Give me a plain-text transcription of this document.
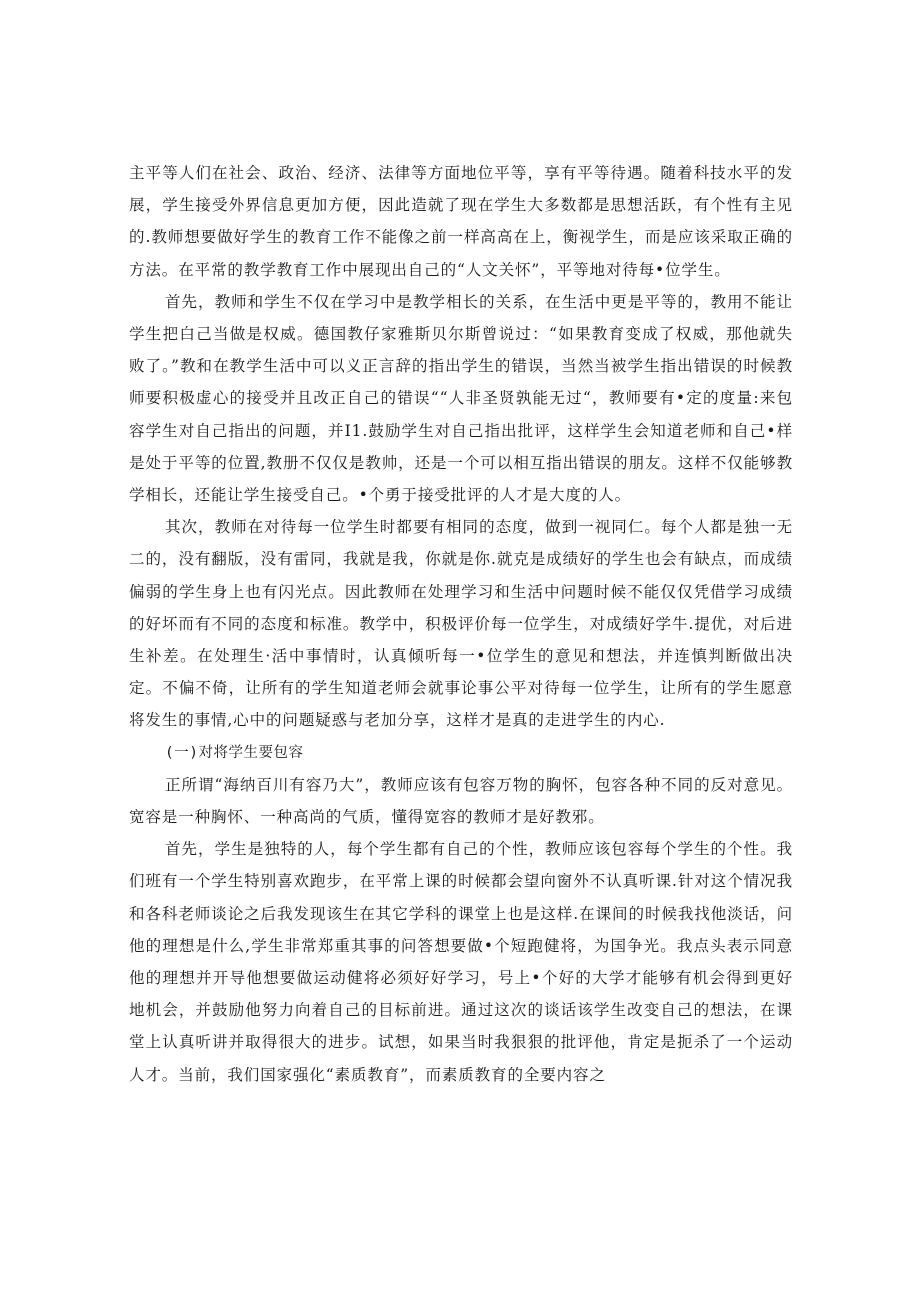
主平等人们在社会、政治、经济、法律等方面地位平等，享有平等待遇。随着科技水平的发展，学生接受外界信息更加方便，因此造就了现在学生大多数都是思想活跃，有个性有主见的.教师想要做好学生的教育工作不能像之前一样高高在上，衡视学生，而是应该采取正确的方法。在平常的教学教育工作中展现出自己的“人文关怀”，平等地对待每•位学生。

首先，教师和学生不仅在学习中是教学相长的关系，在生活中更是平等的，教用不能让学生把白己当做是权威。德国教仔家雅斯贝尔斯曾说过：“如果教育变成了权威，那他就失败了。”教和在教学生活中可以义正言辞的指出学生的错误，当然当被学生指出错误的时候教师要积极虚心的接受并且改正自己的错误““人非圣贤孰能无过“，教师要有•定的度量:来包容学生对自己指出的问题，并I1.鼓励学生对自己指出批评，这样学生会知道老师和自己•样是处于平等的位置,教册不仅仅是教帅，还是一个可以相互指出错误的朋友。这样不仅能够教学相长，还能让学生接受自己。•个勇于接受批评的人才是大度的人。

其次，教师在对待每一位学生时都要有相同的态度，做到一视同仁。每个人都是独一无二的，没有翻版，没有雷同，我就是我，你就是你.就克是成绩好的学生也会有缺点，而成绩偏弱的学生身上也有闪光点。因此教师在处理学习和生活中问题时候不能仅仅凭借学习成绩的好坏而有不同的态度和标准。教学中，积极评价每一位学生，对成绩好学牛.提优，对后进生补差。在处理生·活中事情时，认真倾听每一•位学生的意见和想法，并连慎判断做出决定。不偏不倚，让所有的学生知道老师会就事论事公平对待每一位学生，让所有的学生愿意将发生的事情,心中的问题疑惑与老加分享，这样才是真的走进学生的内心.

(一)对将学生要包容

正所谓“海纳百川有容乃大”，教师应该有包容万物的胸怀，包容各种不同的反对意见。宽容是一种胸怀、一种高尚的气质，懂得宽容的教师才是好教邪。

首先，学生是独特的人，每个学生都有自己的个性，教师应该包容每个学生的个性。我们班有一个学生特别喜欢跑步，在平常上课的时候都会望向窗外不认真听课.针对这个情况我和各科老师谈论之后我发现该生在其它学科的课堂上也是这样.在课间的时候我找他淡话，问他的理想是什么,学生非常郑重其事的问答想要做•个短跑健将，为国争光。我点头表示同意他的理想并开导他想要做运动健将必须好好学习，号上•个好的大学才能够有机会得到更好地机会，并鼓励他努力向着自己的目标前进。通过这次的谈话该学生改变自己的想法，在课堂上认真听讲并取得很大的进步。试想，如果当时我狠狠的批评他，肯定是扼杀了一个运动人才。当前，我们国家强化“素质教育”，而素质教育的全要内容之
